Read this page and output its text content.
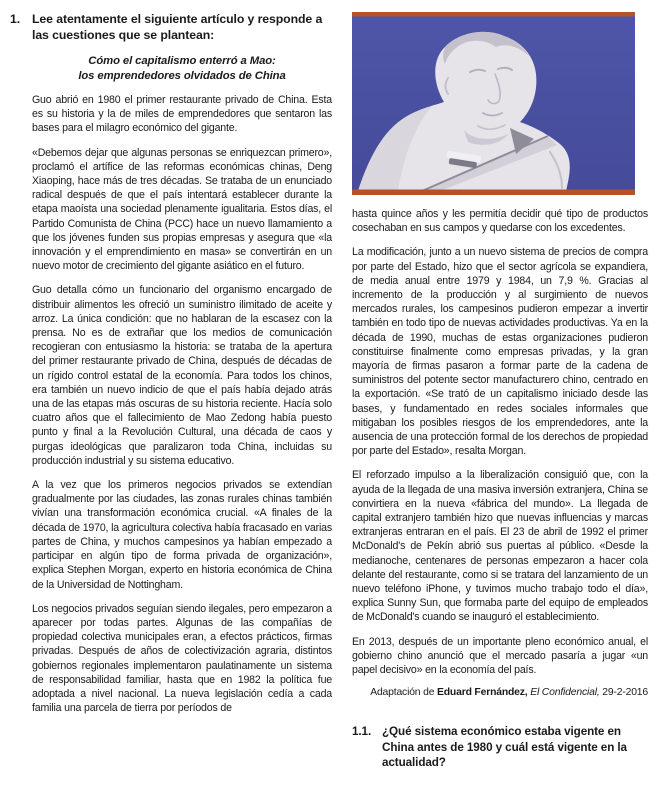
1. Lee atentamente el siguiente artículo y responde a las cuestiones que se plantean:
Cómo el capitalismo enterró a Mao:
los emprendedores olvidados de China

Guo abrió en 1980 el primer restaurante privado de China. Esta es su historia y la de miles de emprendedores que sentaron las bases para el milagro económico del gigante.

«Debemos dejar que algunas personas se enriquezcan primero», proclamó el artífice de las reformas económicas chinas, Deng Xiaoping, hace más de tres décadas. Se trataba de un enunciado radical después de que el país intentará establecer durante la etapa maoísta una sociedad plenamente igualitaria. Estos días, el Partido Comunista de China (PCC) hace un nuevo llamamiento a que los jóvenes funden sus propias empresas y asegura que «la innovación y el emprendimiento en masa» se convertirán en un nuevo motor de crecimiento del gigante asiático en el futuro.

Guo detalla cómo un funcionario del organismo encargado de distribuir alimentos les ofreció un suministro ilimitado de aceite y arroz. La única condición: que no hablaran de la escasez con la prensa. No es de extrañar que los medios de comunicación recogieran con entusiasmo la historia: se trataba de la apertura del primer restaurante privado de China, después de décadas de un rígido control estatal de la economía. Para todos los chinos, era también un nuevo indicio de que el país había dejado atrás una de las etapas más oscuras de su historia reciente. Hacía solo cuatro años que el fallecimiento de Mao Zedong había puesto punto y final a la Revolución Cultural, una década de caos y purgas ideológicas que paralizaron toda China, incluidas su producción industrial y su sistema educativo.

A la vez que los primeros negocios privados se extendían gradualmente por las ciudades, las zonas rurales chinas también vivían una transformación económica crucial. «A finales de la década de 1970, la agricultura colectiva había fracasado en varias partes de China, y muchos campesinos ya habían empezado a participar en algún tipo de forma privada de organización», explica Stephen Morgan, experto en historia económica de China de la Universidad de Nottingham.

Los negocios privados seguían siendo ilegales, pero empezaron a aparecer por todas partes. Algunas de las compañías de propiedad colectiva municipales eran, a efectos prácticos, firmas privadas. Después de años de colectivización agraria, distintos gobiernos regionales implementaron paulatinamente un sistema de responsabilidad familiar, hasta que en 1982 la política fue adoptada a nivel nacional. La nueva legislación cedía a cada familia una parcela de tierra por períodos de

hasta quince años y les permitía decidir qué tipo de productos cosechaban en sus campos y quedarse con los excedentes.

La modificación, junto a un nuevo sistema de precios de compra por parte del Estado, hizo que el sector agrícola se expandiera, de media anual entre 1979 y 1984, un 7,9 %. Gracias al incremento de la producción y al surgimiento de nuevos mercados rurales, los campesinos pudieron empezar a invertir también en todo tipo de nuevas actividades productivas. Ya en la década de 1990, muchas de estas organizaciones pudieron constituirse finalmente como empresas privadas, y la gran mayoría de firmas pasaron a formar parte de la cadena de suministros del potente sector manufacturero chino, centrado en la exportación. «Se trató de un capitalismo iniciado desde las bases, y fundamentado en redes sociales informales que mitigaban los posibles riesgos de los emprendedores, ante la ausencia de una protección formal de los derechos de propiedad por parte del Estado», resalta Morgan.

El reforzado impulso a la liberalización consiguió que, con la ayuda de la llegada de una masiva inversión extranjera, China se convirtiera en la nueva «fábrica del mundo». La llegada de capital extranjero también hizo que nuevas influencias y marcas extranjeras entraran en el país. El 23 de abril de 1992 el primer McDonald's de Pekín abrió sus puertas al público. «Desde la medianoche, centenares de personas empezaron a hacer cola delante del restaurante, como si se tratara del lanzamiento de un nuevo teléfono iPhone, y tuvimos mucho trabajo todo el día», explica Sunny Sun, que formaba parte del equipo de empleados de McDonald's cuando se inauguró el establecimiento.

En 2013, después de un importante pleno económico anual, el gobierno chino anunció que el mercado pasaría a jugar «un papel decisivo» en la economía del país.

Adaptación de Eduard Fernández, El Confidencial, 29-2-2016

1.1. ¿Qué sistema económico estaba vigente en China antes de 1980 y cuál está vigente en la actualidad?
